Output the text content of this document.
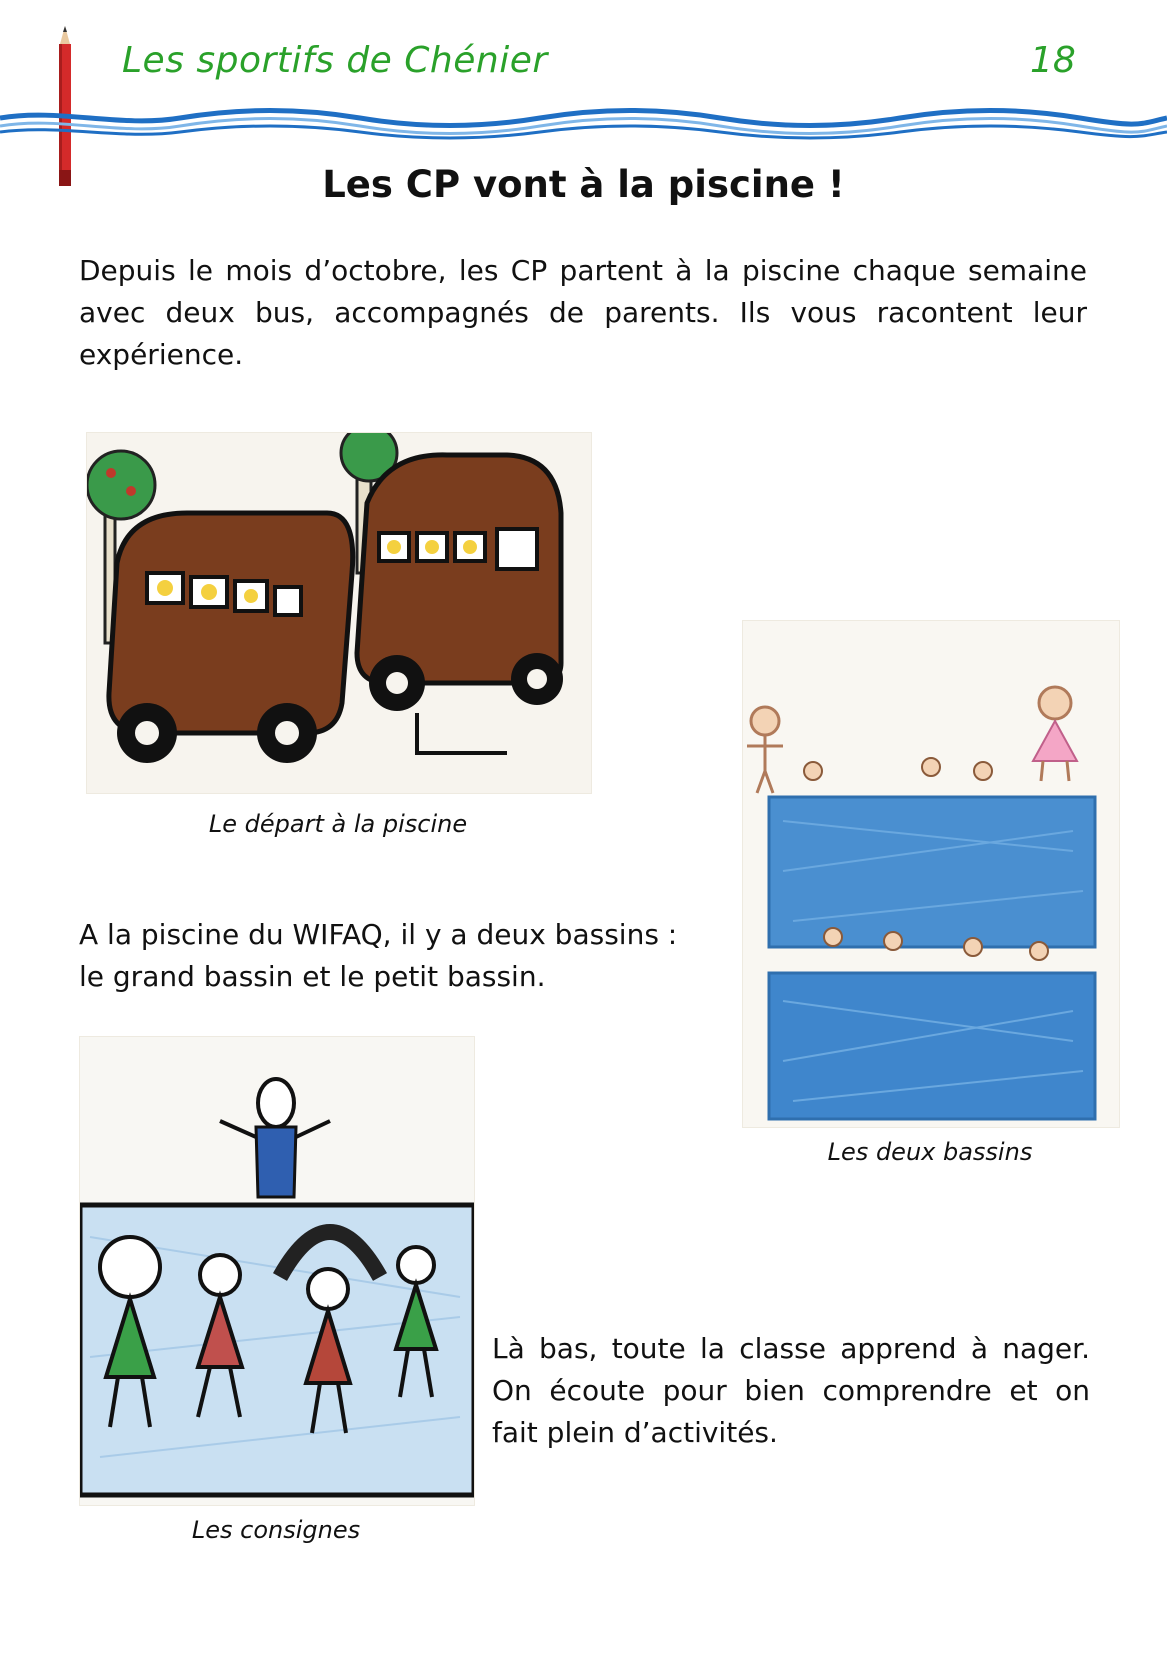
Les sportifs de Chénier	18
Les CP vont à la piscine !
Depuis le mois d’octobre, les CP partent à la piscine chaque semaine avec deux bus, accompagnés de parents. Ils vous racontent leur expérience.
Le départ à la piscine
Les deux bassins
A la piscine du WIFAQ, il y a deux bassins :
le grand bassin et le petit bassin.
Les consignes
Là bas, toute la classe apprend à nager. On écoute pour bien comprendre et on fait plein d’activités.
